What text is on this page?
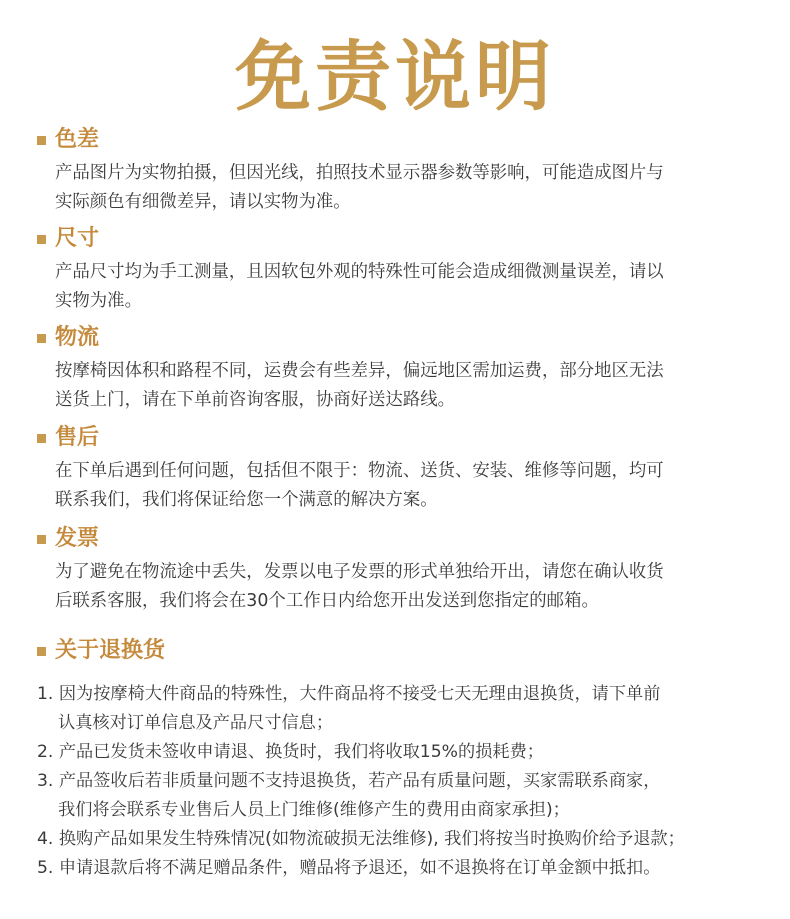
免责说明
色差
产品图片为实物拍摄，但因光线，拍照技术显示器参数等影响，可能造成图片与
实际颜色有细微差异，请以实物为准。
尺寸
产品尺寸均为手工测量，且因软包外观的特殊性可能会造成细微测量误差，请以
实物为准。
物流
按摩椅因体积和路程不同，运费会有些差异，偏远地区需加运费，部分地区无法
送货上门，请在下单前咨询客服，协商好送达路线。
售后
在下单后遇到任何问题，包括但不限于：物流、送货、安装、维修等问题，均可
联系我们，我们将保证给您一个满意的解决方案。
发票
为了避免在物流途中丢失，发票以电子发票的形式单独给开出，请您在确认收货
后联系客服，我们将会在30个工作日内给您开出发送到您指定的邮箱。
关于退换货
1. 因为按摩椅大件商品的特殊性，大件商品将不接受七天无理由退换货，请下单前
认真核对订单信息及产品尺寸信息；
2. 产品已发货未签收申请退、换货时，我们将收取15%的损耗费；
3. 产品签收后若非质量问题不支持退换货，若产品有质量问题，买家需联系商家，
我们将会联系专业售后人员上门维修(维修产生的费用由商家承担)；
4. 换购产品如果发生特殊情况(如物流破损无法维修), 我们将按当时换购价给予退款；
5. 申请退款后将不满足赠品条件，赠品将予退还，如不退换将在订单金额中抵扣。
